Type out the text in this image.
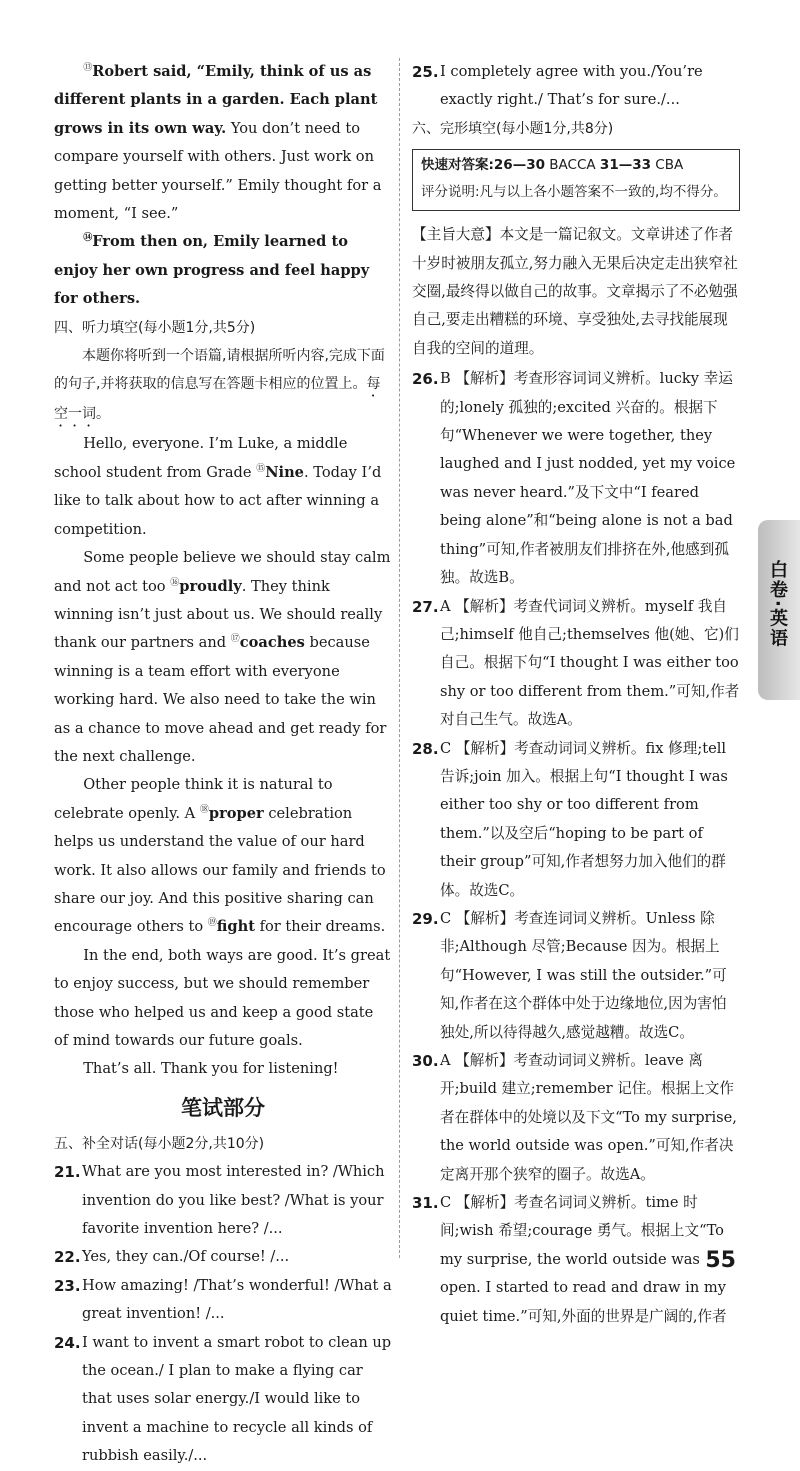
⑬Robert said, “Emily, think of us as different plants in a garden. Each plant grows in its own way. You don’t need to compare yourself with others. Just work on getting better yourself.” Emily thought for a moment, “I see.”

⑭From then on, Emily learned to enjoy her own progress and feel happy for others.

四、听力填空(每小题1分,共5分)

本题你将听到一个语篇,请根据所听内容,完成下面的句子,并将获取的信息写在答题卡相应的位置上。每空一词。

Hello, everyone. I’m Luke, a middle school student from Grade ⑮Nine. Today I’d like to talk about how to act after winning a competition.

Some people believe we should stay calm and not act too ⑯proudly. They think winning isn’t just about us. We should really thank our partners and ⑰coaches because winning is a team effort with everyone working hard. We also need to take the win as a chance to move ahead and get ready for the next challenge.

Other people think it is natural to celebrate openly. A ⑱proper celebration helps us understand the value of our hard work. It also allows our family and friends to share our joy. And this positive sharing can encourage others to ⑲fight for their dreams.

In the end, both ways are good. It’s great to enjoy success, but we should remember those who helped us and keep a good state of mind towards our future goals.

That’s all. Thank you for listening!

笔试部分

五、补全对话(每小题2分,共10分)

21. What are you most interested in? /Which invention do you like best? /What is your favorite invention here? /...
22. Yes, they can./Of course! /...
23. How amazing! /That’s wonderful! /What a great invention! /...
24. I want to invent a smart robot to clean up the ocean./ I plan to make a flying car that uses solar energy./I would like to invent a machine to recycle all kinds of rubbish easily./...
25. I completely agree with you./You’re exactly right./ That’s for sure./...

六、完形填空(每小题1分,共8分)

快速对答案:26—30 BACCA 31—33 CBA
评分说明:凡与以上各小题答案不一致的,均不得分。

【主旨大意】本文是一篇记叙文。文章讲述了作者十岁时被朋友孤立,努力融入无果后决定走出狭窄社交圈,最终得以做自己的故事。文章揭示了不必勉强自己,要走出糟糕的环境、享受独处,去寻找能展现自我的空间的道理。

26. B 【解析】考查形容词词义辨析。lucky 幸运的;lonely 孤独的;excited 兴奋的。根据下句“Whenever we were together, they laughed and I just nodded, yet my voice was never heard.”及下文中“I feared being alone”和“being alone is not a bad thing”可知,作者被朋友们排挤在外,他感到孤独。故选B。
27. A 【解析】考查代词词义辨析。myself 我自己;himself 他自己;themselves 他(她、它)们自己。根据下句“I thought I was either too shy or too different from them.”可知,作者对自己生气。故选A。
28. C 【解析】考查动词词义辨析。fix 修理;tell 告诉;join 加入。根据上句“I thought I was either too shy or too different from them.”以及空后“hoping to be part of their group”可知,作者想努力加入他们的群体。故选C。
29. C 【解析】考查连词词义辨析。Unless 除非;Although 尽管;Because 因为。根据上句“However, I was still the outsider.”可知,作者在这个群体中处于边缘地位,因为害怕独处,所以待得越久,感觉越糟。故选C。
30. A 【解析】考查动词词义辨析。leave 离开;build 建立;remember 记住。根据上文作者在群体中的处境以及下文“To my surprise, the world outside was open.”可知,作者决定离开那个狭窄的圈子。故选A。
31. C 【解析】考查名词词义辨析。time 时间;wish 希望;courage 勇气。根据上文“To my surprise, the world outside was open. I started to read and draw in my quiet time.”可知,外面的世界是广阔的,作者
白卷·英语
55
